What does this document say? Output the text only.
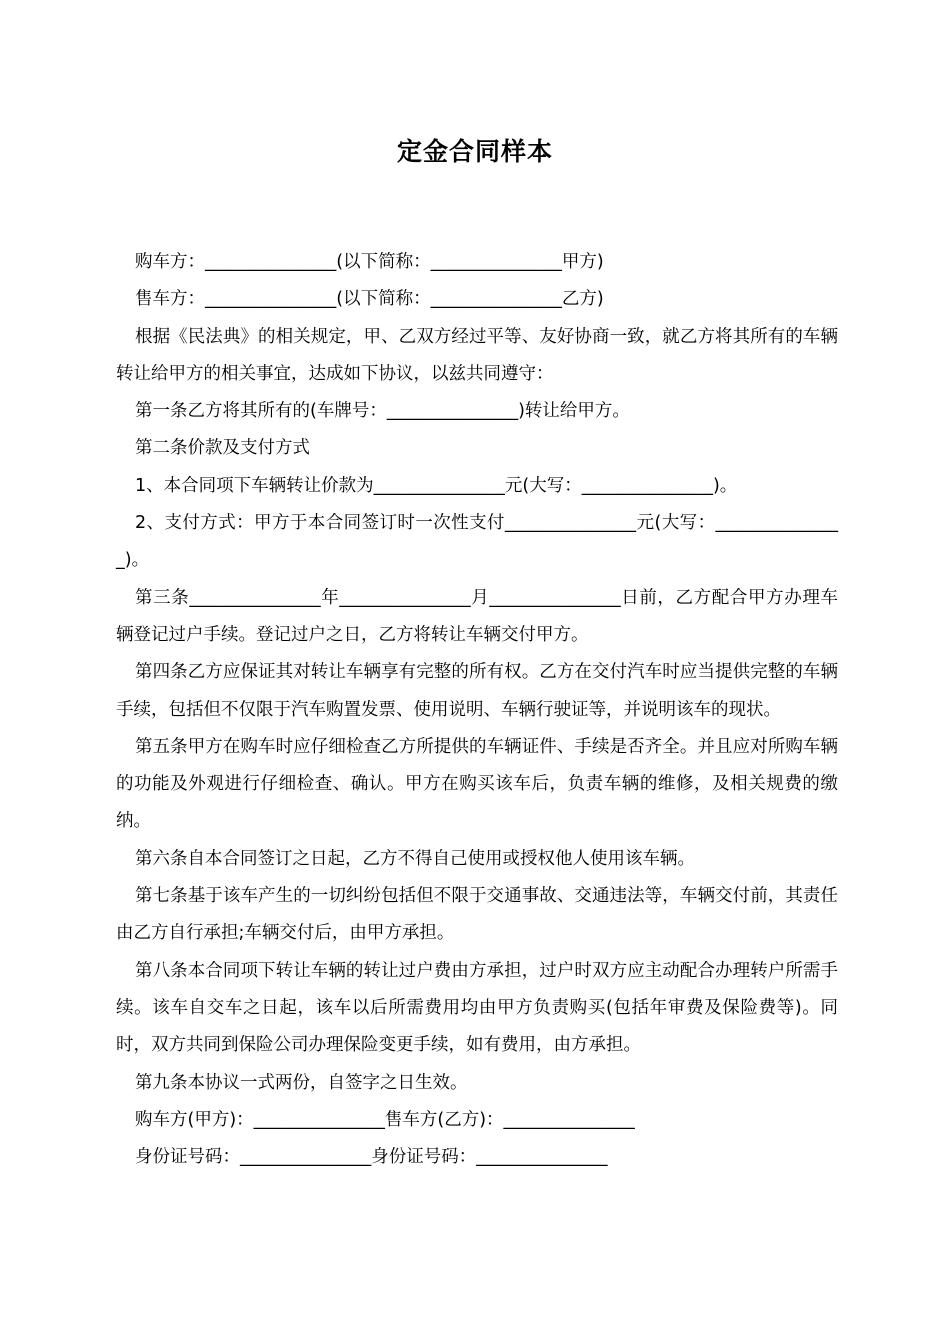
定金合同样本

购车方：_______________(以下简称：_______________甲方)

售车方：_______________(以下简称：_______________乙方)

根据《民法典》的相关规定，甲、乙双方经过平等、友好协商一致，就乙方将其所有的车辆转让给甲方的相关事宜，达成如下协议，以兹共同遵守：

第一条乙方将其所有的(车牌号：_______________)转让给甲方。

第二条价款及支付方式

1、本合同项下车辆转让价款为_______________元(大写：_______________)。

2、支付方式：甲方于本合同签订时一次性支付_______________元(大写：_______________)。

第三条_______________年_______________月_______________日前，乙方配合甲方办理车辆登记过户手续。登记过户之日，乙方将转让车辆交付甲方。

第四条乙方应保证其对转让车辆享有完整的所有权。乙方在交付汽车时应当提供完整的车辆手续，包括但不仅限于汽车购置发票、使用说明、车辆行驶证等，并说明该车的现状。

第五条甲方在购车时应仔细检查乙方所提供的车辆证件、手续是否齐全。并且应对所购车辆的功能及外观进行仔细检查、确认。甲方在购买该车后，负责车辆的维修，及相关规费的缴纳。

第六条自本合同签订之日起，乙方不得自己使用或授权他人使用该车辆。

第七条基于该车产生的一切纠纷包括但不限于交通事故、交通违法等，车辆交付前，其责任由乙方自行承担;车辆交付后，由甲方承担。

第八条本合同项下转让车辆的转让过户费由方承担，过户时双方应主动配合办理转户所需手续。该车自交车之日起，该车以后所需费用均由甲方负责购买(包括年审费及保险费等)。同时，双方共同到保险公司办理保险变更手续，如有费用，由方承担。

第九条本协议一式两份，自签字之日生效。

购车方(甲方)：_______________售车方(乙方)：_______________

身份证号码：_______________身份证号码：_______________
